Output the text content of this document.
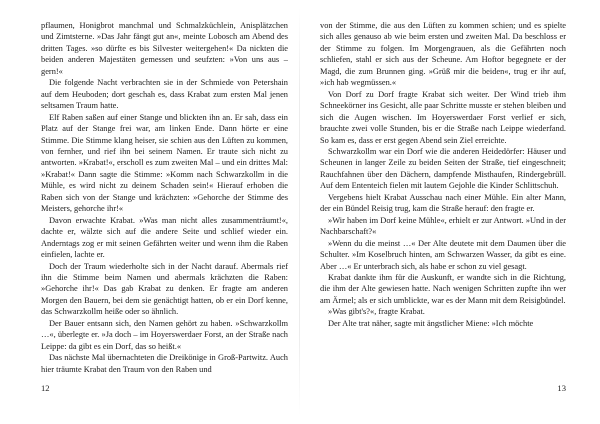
pflaumen, Honigbrot manchmal und Schmalzküchlein, Anisplätzchen und Zimtsterne. »Das Jahr fängt gut an«, meinte Lobosch am Abend des dritten Tages. »so dürfte es bis Silvester weitergehen!« Da nickten die beiden anderen Majestäten gemessen und seufzten: »Von uns aus – gern!«

Die folgende Nacht verbrachten sie in der Schmiede von Petershain auf dem Heuboden; dort geschah es, dass Krabat zum ersten Mal jenen seltsamen Traum hatte.

Elf Raben saßen auf einer Stange und blickten ihn an. Er sah, dass ein Platz auf der Stange frei war, am linken Ende. Dann hörte er eine Stimme. Die Stimme klang heiser, sie schien aus den Lüften zu kommen, von fernher, und rief ihn bei seinem Namen. Er traute sich nicht zu antworten. »Krabat!«, erscholl es zum zweiten Mal – und ein drittes Mal: »Krabat!« Dann sagte die Stimme: »Komm nach Schwarzkollm in die Mühle, es wird nicht zu deinem Schaden sein!« Hierauf erhoben die Raben sich von der Stange und krächzten: »Gehorche der Stimme des Meisters, gehorche ihr!«

Davon erwachte Krabat. »Was man nicht alles zusammenträumt!«, dachte er, wälzte sich auf die andere Seite und schlief wieder ein. Anderntags zog er mit seinen Gefährten weiter und wenn ihm die Raben einfielen, lachte er.

Doch der Traum wiederholte sich in der Nacht darauf. Abermals rief ihn die Stimme beim Namen und abermals krächzten die Raben: »Gehorche ihr!« Das gab Krabat zu denken. Er fragte am anderen Morgen den Bauern, bei dem sie genächtigt hatten, ob er ein Dorf kenne, das Schwarzkollm heiße oder so ähnlich.

Der Bauer entsann sich, den Namen gehört zu haben. »Schwarzkollm …«, überlegte er. »Ja doch – im Hoyerswerdaer Forst, an der Straße nach Leippe: da gibt es ein Dorf, das so heißt.«

Das nächste Mal übernachteten die Dreikönige in Groß-Partwitz. Auch hier träumte Krabat den Traum von den Raben und

12

von der Stimme, die aus den Lüften zu kommen schien; und es spielte sich alles genauso ab wie beim ersten und zweiten Mal. Da beschloss er der Stimme zu folgen. Im Morgengrauen, als die Gefährten noch schliefen, stahl er sich aus der Scheune. Am Hoftor begegnete er der Magd, die zum Brunnen ging. »Grüß mir die beiden«, trug er ihr auf, »ich hab wegmüssen.«

Von Dorf zu Dorf fragte Krabat sich weiter. Der Wind trieb ihm Schneekörner ins Gesicht, alle paar Schritte musste er stehen bleiben und sich die Augen wischen. Im Hoyerswerdaer Forst verlief er sich, brauchte zwei volle Stunden, bis er die Straße nach Leippe wiederfand. So kam es, dass er erst gegen Abend sein Ziel erreichte.

Schwarzkollm war ein Dorf wie die anderen Heidedörfer: Häuser und Scheunen in langer Zeile zu beiden Seiten der Straße, tief eingeschneit; Rauchfahnen über den Dächern, dampfende Misthaufen, Rindergebrüll. Auf dem Ententeich fielen mit lautem Gejohle die Kinder Schlittschuh.

Vergebens hielt Krabat Ausschau nach einer Mühle. Ein alter Mann, der ein Bündel Reisig trug, kam die Straße herauf: den fragte er.

»Wir haben im Dorf keine Mühle«, erhielt er zur Antwort. »Und in der Nachbarschaft?«

»Wenn du die meinst …« Der Alte deutete mit dem Daumen über die Schulter. »Im Koselbruch hinten, am Schwarzen Wasser, da gibt es eine. Aber …« Er unterbrach sich, als habe er schon zu viel gesagt.

Krabat dankte ihm für die Auskunft, er wandte sich in die Richtung, die ihm der Alte gewiesen hatte. Nach wenigen Schritten zupfte ihn wer am Ärmel; als er sich umblickte, war es der Mann mit dem Reisigbündel.

»Was gibt's?«, fragte Krabat.

Der Alte trat näher, sagte mit ängstlicher Miene: »Ich möchte

13
